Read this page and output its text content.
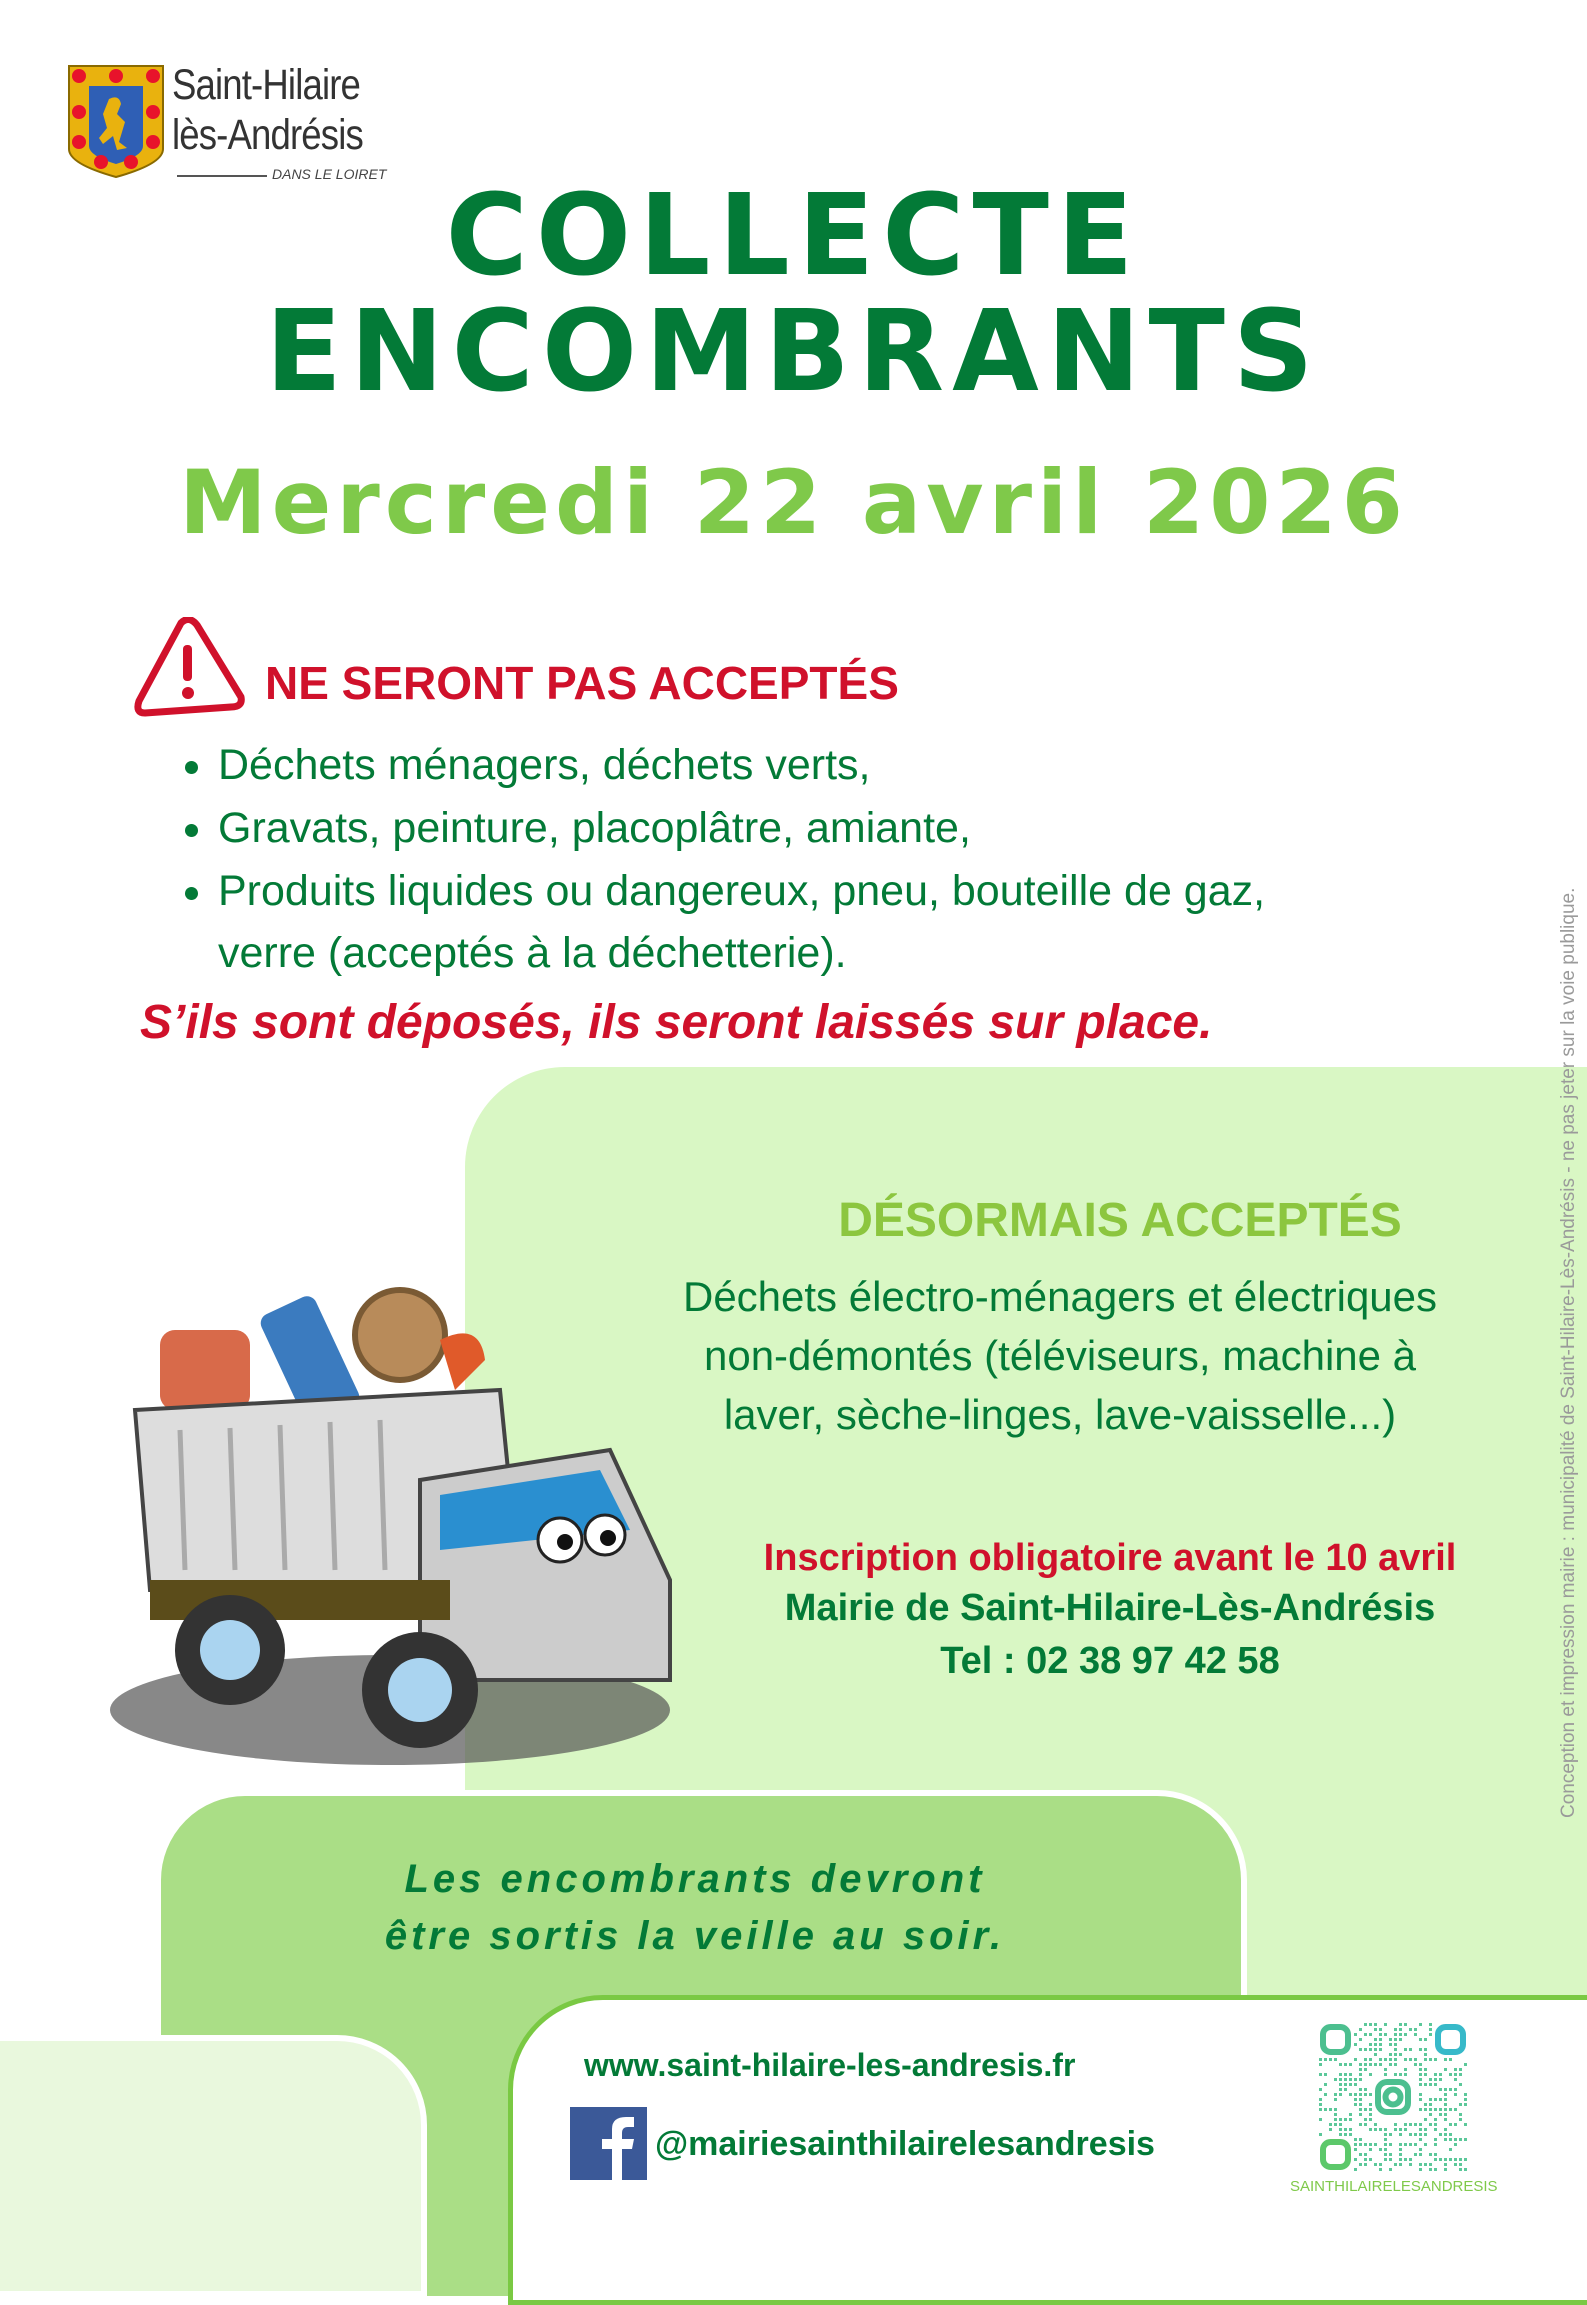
Saint-Hilaire
lès-Andrésis
DANS LE LOIRET COLLECTE
ENCOMBRANTS
Mercredi 22 avril 2026
NE SERONT PAS ACCEPTÉS
Déchets ménagers, déchets verts,
Gravats, peinture, placoplâtre, amiante,
Produits liquides ou dangereux, pneu, bouteille de gaz,
verre (acceptés à la déchetterie).
S’ils sont déposés, ils seront laissés sur place.
DÉSORMAIS ACCEPTÉS
Déchets électro-ménagers et électriques
non-démontés (téléviseurs, machine à
laver, sèche-linges, lave-vaisselle...)
Inscription obligatoire avant le 10 avril
Mairie de Saint-Hilaire-Lès-Andrésis
Tel : 02 38 97 42 58
Les encombrants devront
être sortis la veille au soir.
www.saint-hilaire-les-andresis.fr
@mairiesainthilairelesandresis
SAINTHILAIRELESANDRESIS
Conception et impression mairie : municipalité de Saint-Hilaire-Lès-Andrésis - ne pas jeter sur la voie publique.
